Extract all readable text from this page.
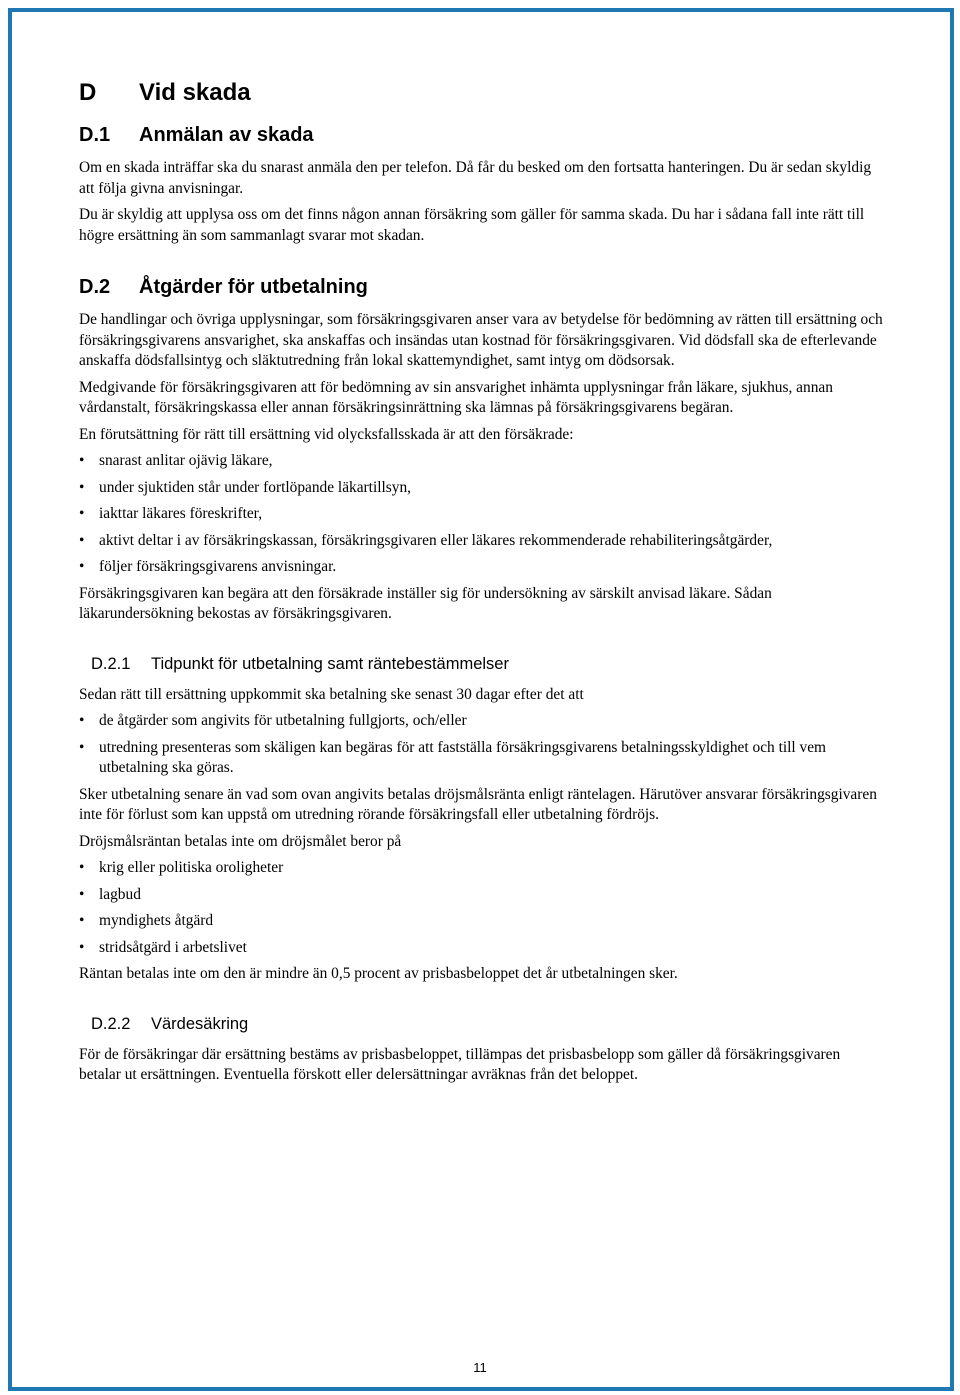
D	Vid skada
D.1	Anmälan av skada

Om en skada inträffar ska du snarast anmäla den per telefon. Då får du besked om den fortsatta hanteringen. Du är sedan skyldig att följa givna anvisningar.

Du är skyldig att upplysa oss om det finns någon annan försäkring som gäller för samma skada. Du har i sådana fall inte rätt till högre ersättning än som sammanlagt svarar mot skadan.

D.2	Åtgärder för utbetalning

De handlingar och övriga upplysningar, som försäkringsgivaren anser vara av betydelse för bedömning av rätten till ersättning och försäkringsgivarens ansvarighet, ska anskaffas och insändas utan kostnad för försäkringsgivaren. Vid dödsfall ska de efterlevande anskaffa dödsfallsintyg och släktutredning från lokal skattemyndighet, samt intyg om dödsorsak.

Medgivande för försäkringsgivaren att för bedömning av sin ansvarighet inhämta upplysningar från läkare, sjukhus, annan vårdanstalt, försäkringskassa eller annan försäkringsinrättning ska lämnas på försäkringsgivarens begäran.

En förutsättning för rätt till ersättning vid olycksfallsskada är att den försäkrade:

• snarast anlitar ojävig läkare,
• under sjuktiden står under fortlöpande läkartillsyn,
• iakttar läkares föreskrifter,
• aktivt deltar i av försäkringskassan, försäkringsgivaren eller läkares rekommenderade rehabiliteringsåtgärder,
• följer försäkringsgivarens anvisningar.

Försäkringsgivaren kan begära att den försäkrade inställer sig för undersökning av särskilt anvisad läkare. Sådan läkarundersökning bekostas av försäkringsgivaren.

D.2.1	Tidpunkt för utbetalning samt räntebestämmelser

Sedan rätt till ersättning uppkommit ska betalning ske senast 30 dagar efter det att

• de åtgärder som angivits för utbetalning fullgjorts, och/eller
• utredning presenteras som skäligen kan begäras för att fastställa försäkringsgivarens betalningsskyldighet och till vem utbetalning ska göras.

Sker utbetalning senare än vad som ovan angivits betalas dröjsmålsränta enligt räntelagen. Härutöver ansvarar försäkringsgivaren inte för förlust som kan uppstå om utredning rörande försäkringsfall eller utbetalning fördröjs.

Dröjsmålsräntan betalas inte om dröjsmålet beror på

• krig eller politiska oroligheter
• lagbud
• myndighets åtgärd
• stridsåtgärd i arbetslivet

Räntan betalas inte om den är mindre än 0,5 procent av prisbasbeloppet det år utbetalningen sker.

D.2.2	Värdesäkring

För de försäkringar där ersättning bestäms av prisbasbeloppet, tillämpas det prisbasbelopp som gäller då försäkringsgivaren betalar ut ersättningen. Eventuella förskott eller delersättningar avräknas från det beloppet.

11
